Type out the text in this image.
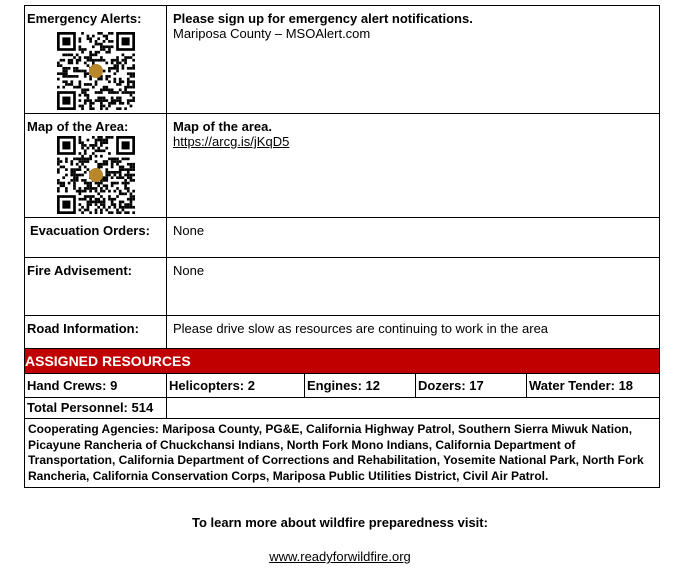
Emergency Alerts:	Please sign up for emergency alert notifications.
Mariposa County – MSOAlert.com
Map of the Area:	Map of the area.
https://arcg.is/jKqD5
Evacuation Orders:	None
Fire Advisement:	None
Road Information:	Please drive slow as resources are continuing to work in the area
ASSIGNED RESOURCES
Hand Crews: 9	Helicopters: 2	Engines: 12	Dozers: 17	Water Tender: 18
Total Personnel: 514
Cooperating Agencies: Mariposa County, PG&E, California Highway Patrol, Southern Sierra Miwuk Nation, Picayune Rancheria of Chuckchansi Indians, North Fork Mono Indians, California Department of Transportation, California Department of Corrections and Rehabilitation, Yosemite National Park, North Fork Rancheria, California Conservation Corps, Mariposa Public Utilities District, Civil Air Patrol.
To learn more about wildfire preparedness visit:
www.readyforwildfire.org
